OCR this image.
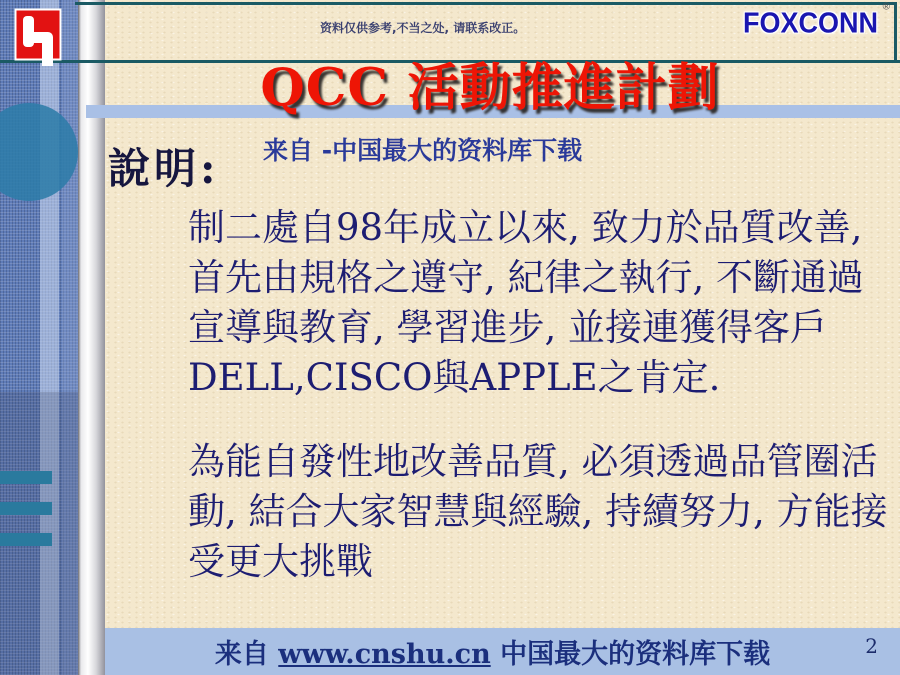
FOXCONN
®
资料仅供参考,不当之处, 请联系改正。
QCC 活動推進計劃
說明: 来自 -中国最大的资料库下载

制二處自98年成立以來, 致力於品質改善, 首先由規格之遵守, 紀律之執行, 不斷通過宣導與教育, 學習進步, 並接連獲得客戶DELL,CISCO與APPLE之肯定.

為能自發性地改善品質, 必須透過品管圈活動, 結合大家智慧與經驗, 持續努力, 方能接受更大挑戰

来自 www.cnshu.cn 中国最大的资料库下载	2
